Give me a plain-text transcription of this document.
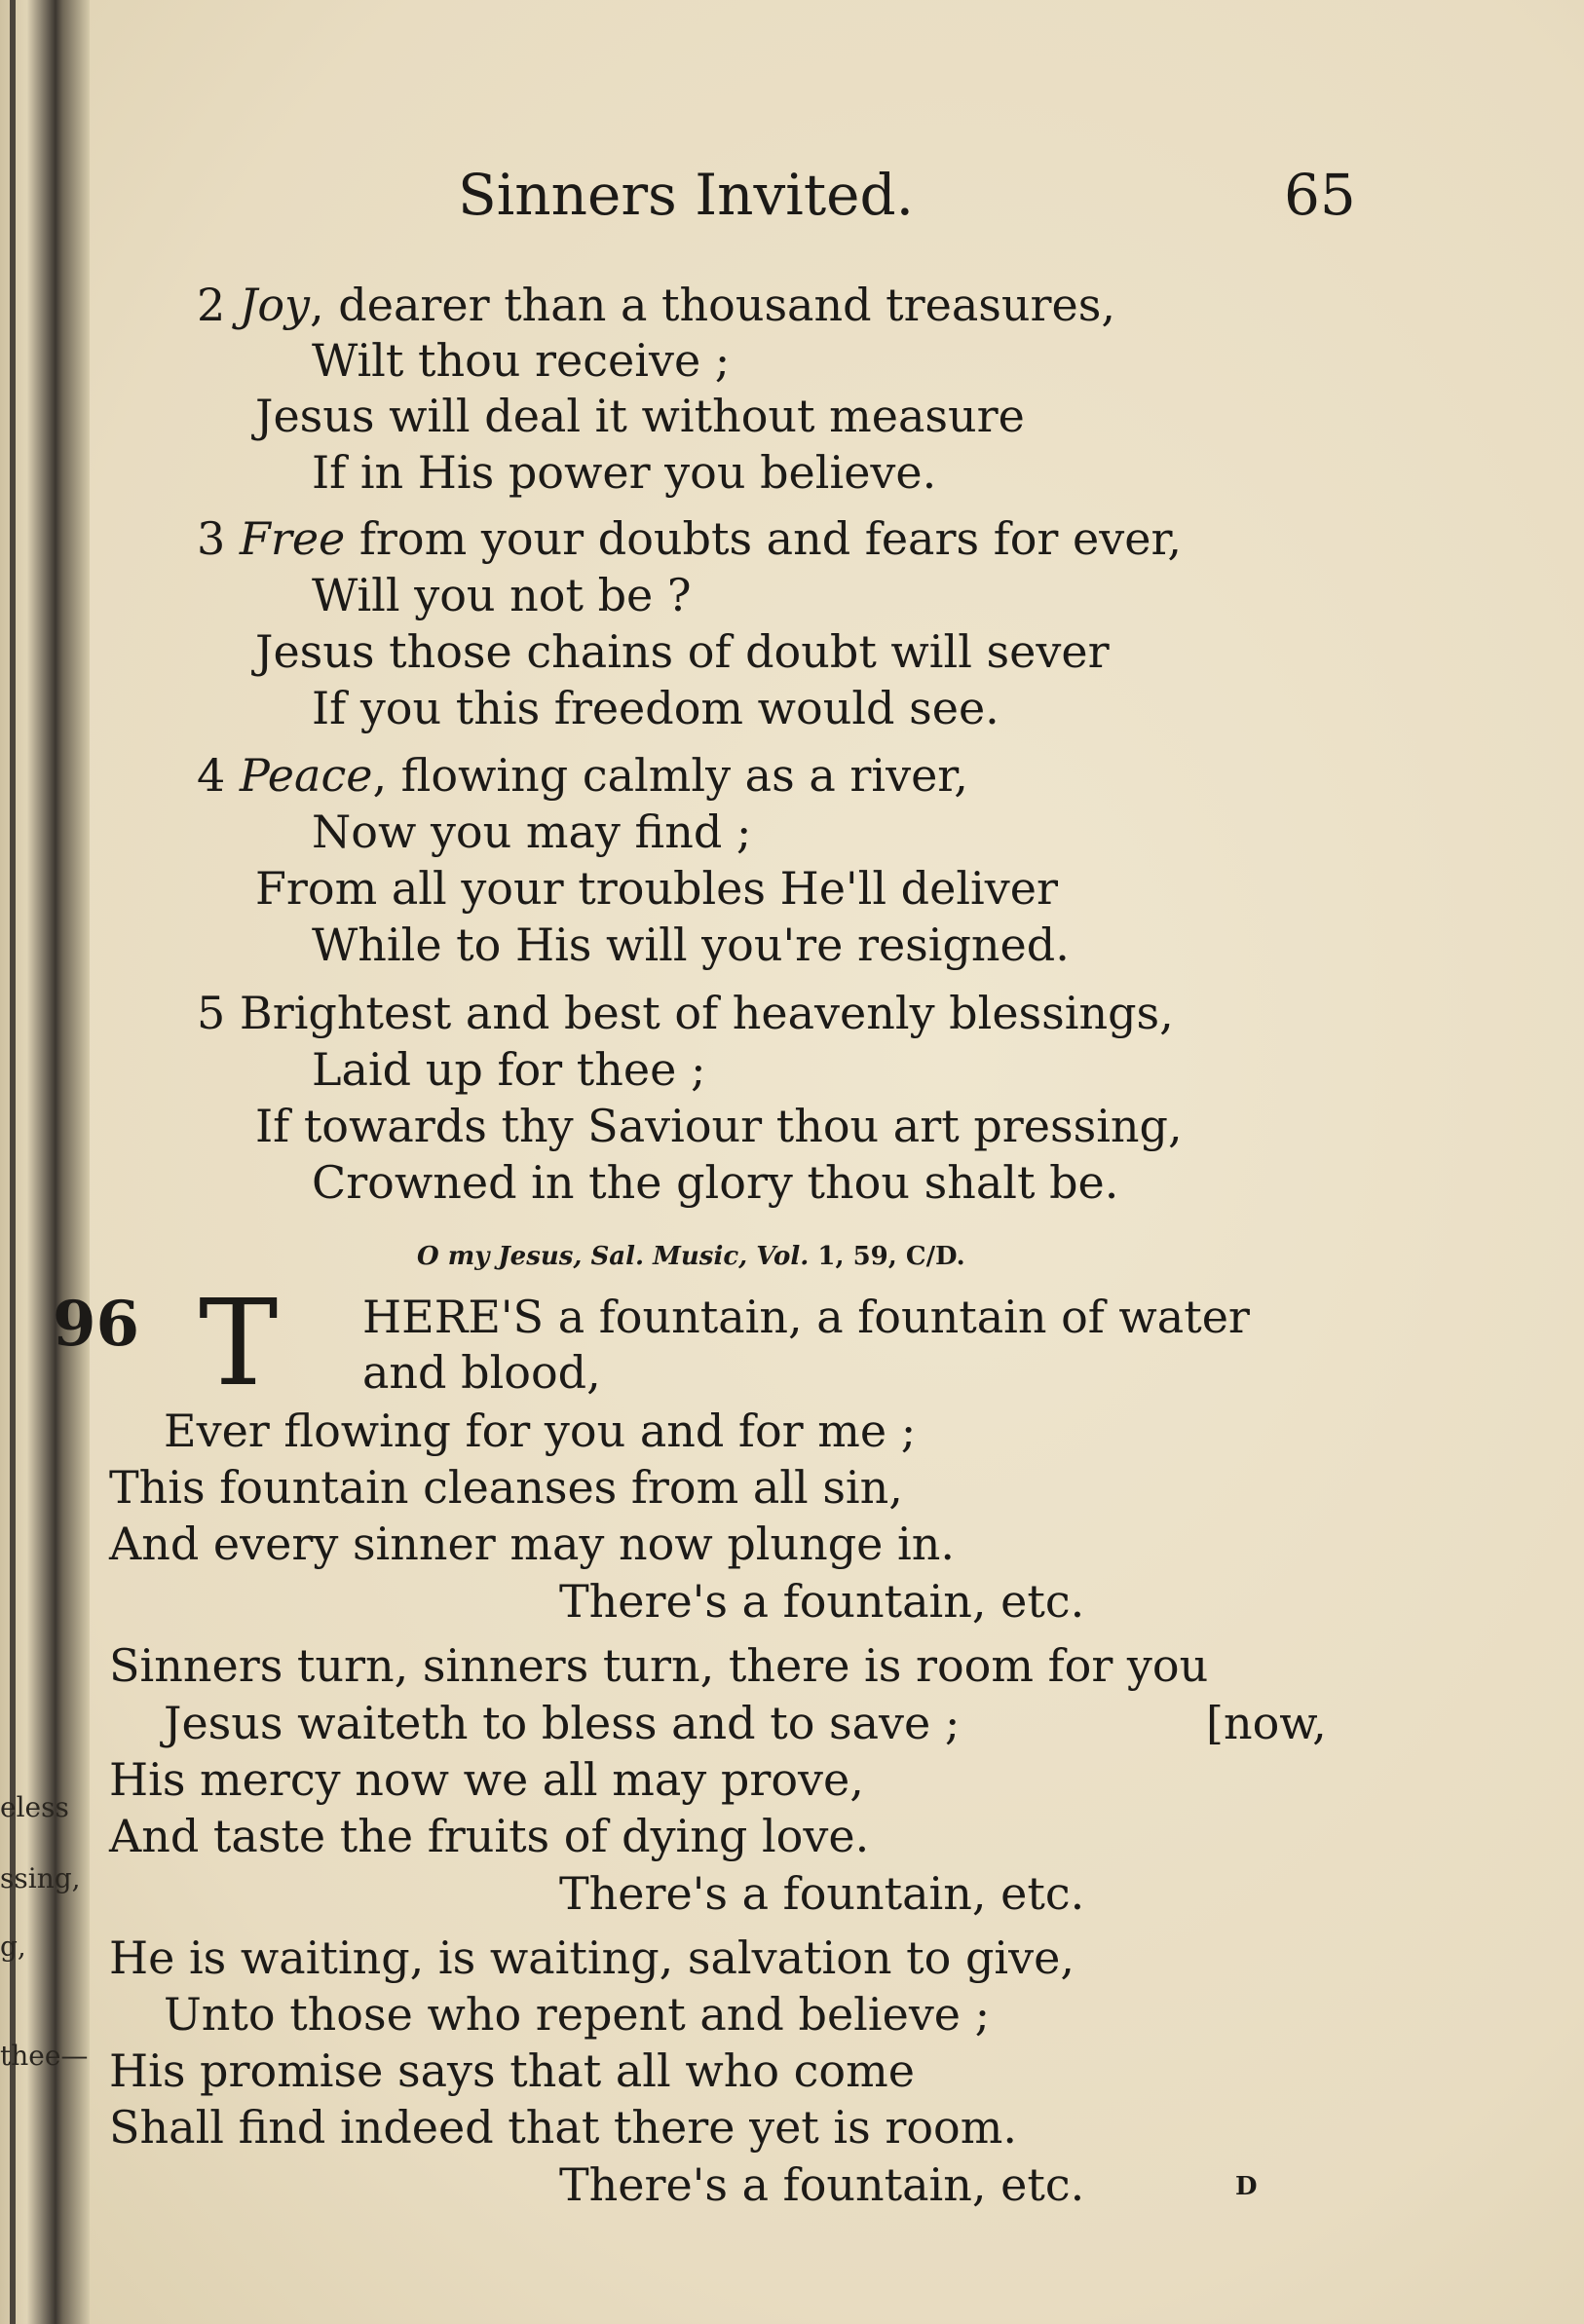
eless
ssing,
g,
thee—
Sinners Invited.	65
2 Joy, dearer than a thousand treasures,
Wilt thou receive ;
Jesus will deal it without measure
If in His power you believe.
3 Free from your doubts and fears for ever,
Will you not be ?
Jesus those chains of doubt will sever
If you this freedom would see.
4 Peace, flowing calmly as a river,
Now you may find ;
From all your troubles He'll deliver
While to His will you're resigned.
5 Brightest and best of heavenly blessings,
Laid up for thee ;
If towards thy Saviour thou art pressing,
Crowned in the glory thou shalt be.
O my Jesus, Sal. Music, Vol. 1, 59, C/D.
96 T HERE'S a fountain, a fountain of water
and blood,
Ever flowing for you and for me ;
This fountain cleanses from all sin,
And every sinner may now plunge in.
There's a fountain, etc.
Sinners turn, sinners turn, there is room for you
Jesus waiteth to bless and to save ;	[now,
His mercy now we all may prove,
And taste the fruits of dying love.
There's a fountain, etc.
He is waiting, is waiting, salvation to give,
Unto those who repent and believe ;
His promise says that all who come
Shall find indeed that there yet is room.
There's a fountain, etc.	D
